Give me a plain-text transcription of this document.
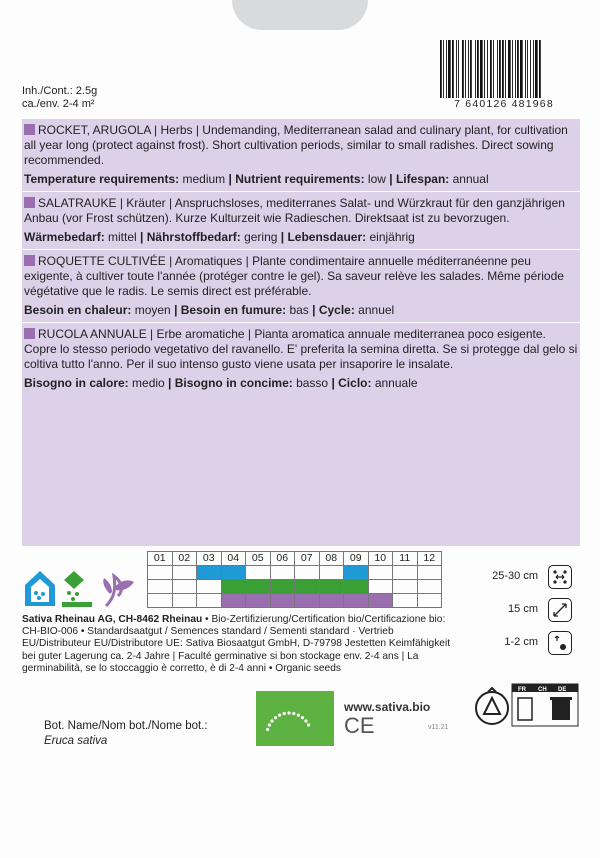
Inh./Cont.: 2.5g
ca./env. 2-4 m²	7 640126 481968

ROCKET, ARUGOLA | Herbs | Undemanding, Mediterranean salad and culinary plant, for cultivation all year long (protect against frost). Short cultivation periods, similar to small radishes. Direct sowing recommended.

Temperature requirements: medium | Nutrient requirements: low | Lifespan: annual

SALATRAUKE | Kräuter | Anspruchsloses, mediterranes Salat- und Würzkraut für den ganzjährigen Anbau (vor Frost schützen). Kurze Kulturzeit wie Radieschen. Direktsaat ist zu bevorzugen.

Wärmebedarf: mittel | Nährstoffbedarf: gering | Lebensdauer: einjährig

ROQUETTE CULTIVÉE | Aromatiques | Plante condimentaire annuelle méditerranéenne peu exigente, à cultiver toute l'année (protéger contre le gel). Sa saveur relève les salades. Même période végétative que le radis. Le semis direct est préférable.

Besoin en chaleur: moyen | Besoin en fumure: bas | Cycle: annuel

RUCOLA ANNUALE | Erbe aromatiche | Pianta aromatica annuale mediterranea poco esigente. Copre lo stesso periodo vegetativo del ravanello. E' preferita la semina diretta. Se si protegge dal gelo si coltiva tutto l'anno. Per il suo intenso gusto viene usata per insaporire le insalate.

Bisogno in calore: medio | Bisogno in concime: basso | Ciclo: annuale
01	02	03	04	05	06	07	08	09	10	11	12

25-30 cm
15 cm
1-2 cm
Sativa Rheinau AG, CH-8462 Rheinau • Bio-Zertifizierung/Certification bio/Certificazione bio: CH-BIO-006 • Standardsaatgut / Semences standard / Sementi standard · Vertrieb EU/Distributeur EU/Distributore UE: Sativa Biosaatgut GmbH, D-79798 Jestetten Keimfähigkeit bei guter Lagerung ca. 2-4 Jahre | Faculté germinative si bon stockage env. 2-4 ans | La germinabilità, se lo stoccaggio è corretto, è di 2-4 anni • Organic seeds
www.sativa.bio
CE	v11.21
Bot. Name/Nom bot./Nome bot.:
Eruca sativa
FR CH DE
